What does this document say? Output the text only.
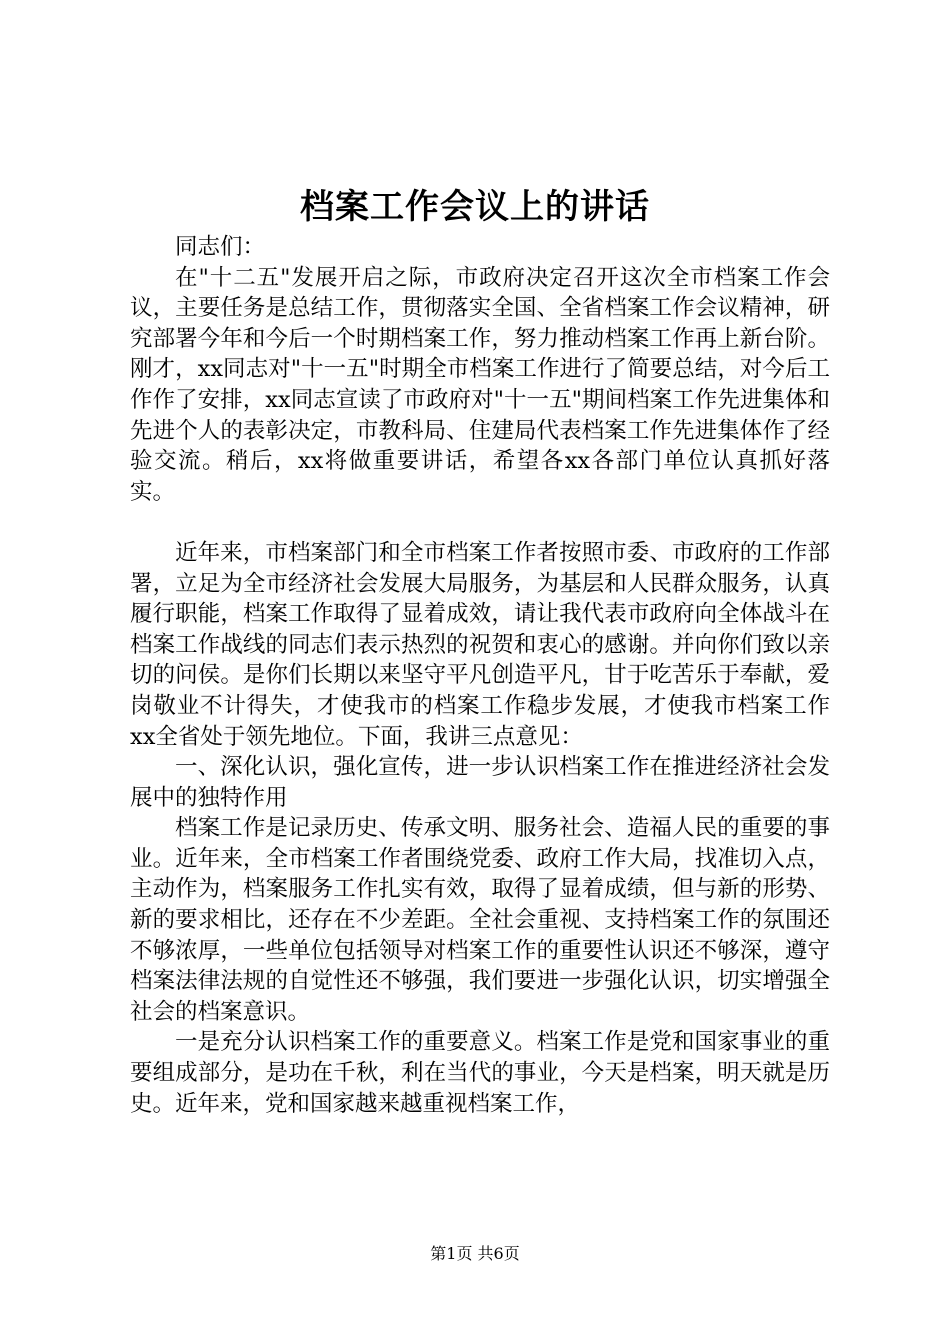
档案工作会议上的讲话

同志们：

在"十二五"发展开启之际，市政府决定召开这次全市档案工作会议，主要任务是总结工作，贯彻落实全国、全省档案工作会议精神，研究部署今年和今后一个时期档案工作，努力推动档案工作再上新台阶。刚才，xx同志对"十一五"时期全市档案工作进行了简要总结，对今后工作作了安排，xx同志宣读了市政府对"十一五"期间档案工作先进集体和先进个人的表彰决定，市教科局、住建局代表档案工作先进集体作了经验交流。稍后，xx将做重要讲话，希望各xx各部门单位认真抓好落实。

近年来，市档案部门和全市档案工作者按照市委、市政府的工作部署，立足为全市经济社会发展大局服务，为基层和人民群众服务，认真履行职能，档案工作取得了显着成效，请让我代表市政府向全体战斗在档案工作战线的同志们表示热烈的祝贺和衷心的感谢。并向你们致以亲切的问侯。是你们长期以来坚守平凡创造平凡，甘于吃苦乐于奉献，爱岗敬业不计得失，才使我市的档案工作稳步发展，才使我市档案工作xx全省处于领先地位。下面，我讲三点意见：

一、深化认识，强化宣传，进一步认识档案工作在推进经济社会发展中的独特作用

档案工作是记录历史、传承文明、服务社会、造福人民的重要的事业。近年来，全市档案工作者围绕党委、政府工作大局，找准切入点，主动作为，档案服务工作扎实有效，取得了显着成绩，但与新的形势、新的要求相比，还存在不少差距。全社会重视、支持档案工作的氛围还不够浓厚，一些单位包括领导对档案工作的重要性认识还不够深，遵守档案法律法规的自觉性还不够强，我们要进一步强化认识，切实增强全社会的档案意识。

一是充分认识档案工作的重要意义。档案工作是党和国家事业的重要组成部分，是功在千秋，利在当代的事业，今天是档案，明天就是历史。近年来，党和国家越来越重视档案工作，

第1页 共6页
